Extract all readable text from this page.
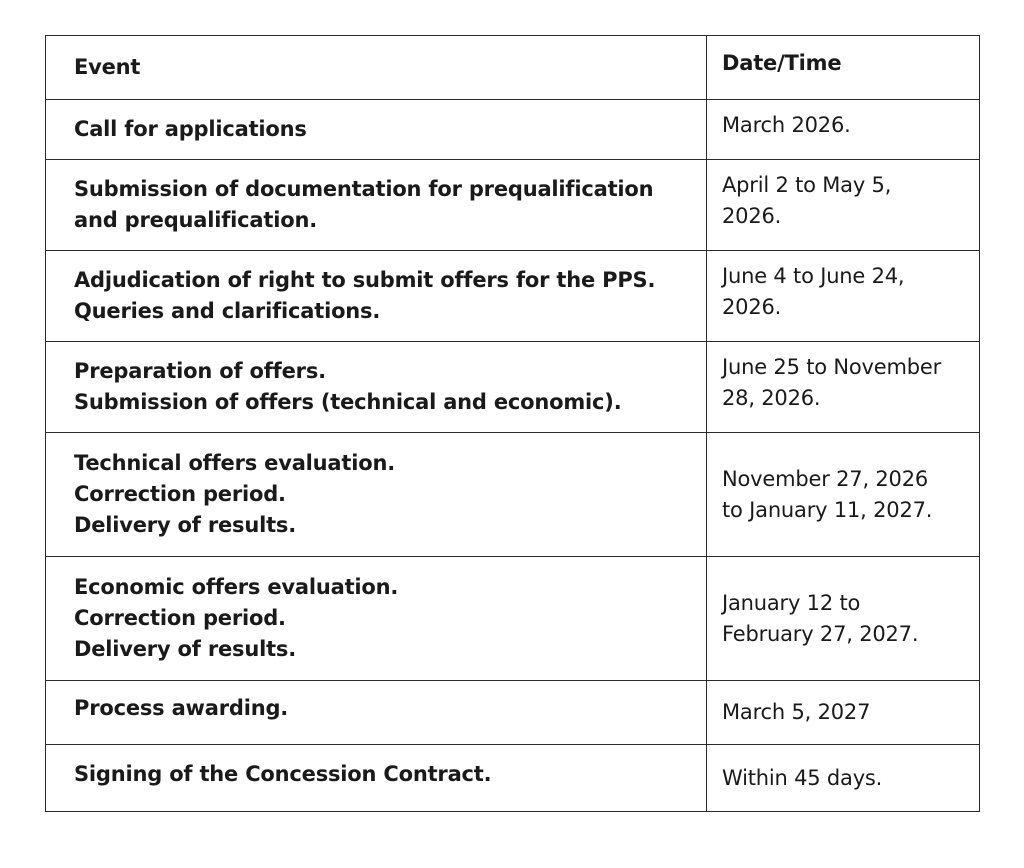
Event	Date/Time

Call for applications	March 2026.

Submission of documentation for prequalification
and prequalification.	April 2 to May 5,
2026.

Adjudication of right to submit offers for the PPS.
Queries and clarifications.	June 4 to June 24,
2026.

Preparation of offers.
Submission of offers (technical and economic).	June 25 to November
28, 2026.

Technical offers evaluation.
Correction period.
Delivery of results.	November 27, 2026
to January 11, 2027.

Economic offers evaluation.
Correction period.
Delivery of results.	January 12 to
February 27, 2027.

Process awarding.	March 5, 2027

Signing of the Concession Contract.	Within 45 days.
